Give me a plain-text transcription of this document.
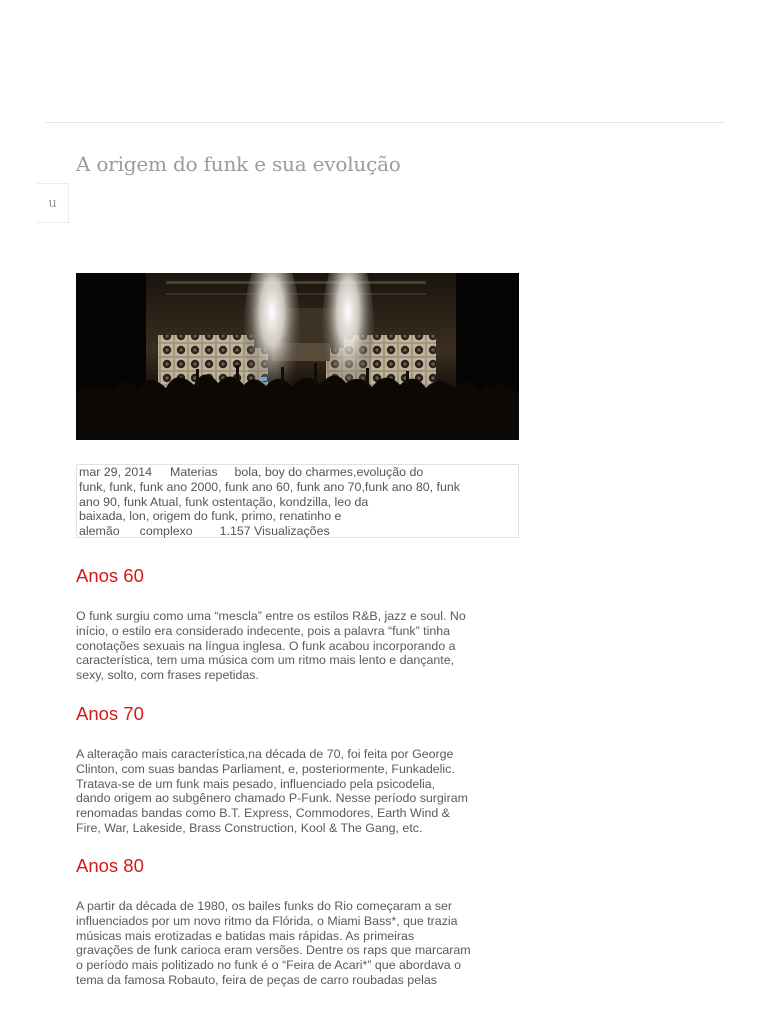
u
A origem do funk e sua evolução
mar 29, 2014 Materias bola, boy do charmes,evolução do
funk, funk, funk ano 2000, funk ano 60, funk ano 70,funk ano 80, funk
ano 90, funk Atual, funk ostentação, kondzilla, leo da
baixada, lon, origem do funk, primo, renatinho e
alemão complexo 1.157 Visualizações
Anos 60

O funk surgiu como uma “mescla” entre os estilos R&B, jazz e soul. No
início, o estilo era considerado indecente, pois a palavra “funk” tinha
conotações sexuais na língua inglesa. O funk acabou incorporando a
característica, tem uma música com um ritmo mais lento e dançante,
sexy, solto, com frases repetidas.

Anos 70

A alteração mais característica,na década de 70, foi feita por George
Clinton, com suas bandas Parliament, e, posteriormente, Funkadelic.
Tratava-se de um funk mais pesado, influenciado pela psicodelia,
dando origem ao subgênero chamado P-Funk. Nesse período surgiram
renomadas bandas como B.T. Express, Commodores, Earth Wind &
Fire, War, Lakeside, Brass Construction, Kool & The Gang, etc.

Anos 80

A partir da década de 1980, os bailes funks do Rio começaram a ser
influenciados por um novo ritmo da Flórida, o Miami Bass*, que trazia
músicas mais erotizadas e batidas mais rápidas. As primeiras
gravações de funk carioca eram versões. Dentre os raps que marcaram
o período mais politizado no funk é o “Feira de Acari*” que abordava o
tema da famosa Robauto, feira de peças de carro roubadas pelas
